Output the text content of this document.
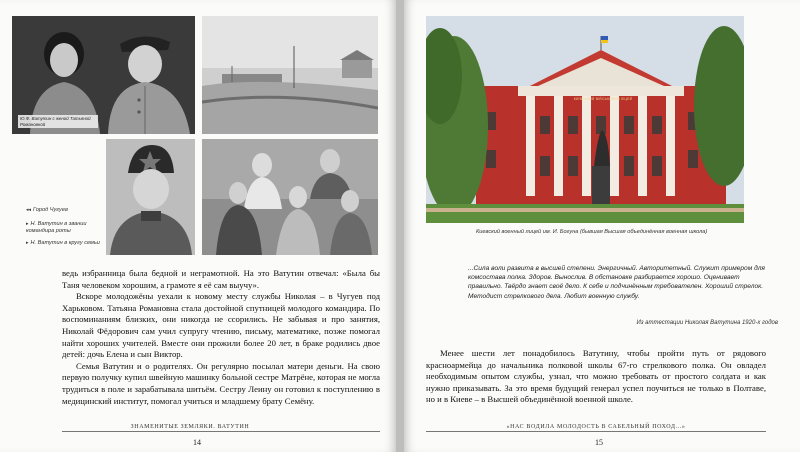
Ю.Ф. Ватутин с женой Татьяной Романовной
◂◂ Город Чугуев
▸ Н. Ватутин в звании командира роты
▸ Н. Ватутин в кругу семьи

ведь избранница была бедной и неграмотной. На это Ватутин отвечал: «Была бы Таня человеком хорошим, а грамоте я её сам выучу».

Вскоре молодожёны уехали к новому месту службы Николая – в Чугуев под Харьковом. Татьяна Романовна стала достойной спутницей молодого командира. По воспоминаниям близких, они никогда не ссорились. Не забывая и про занятия, Николай Фёдорович сам учил супругу чтению, письму, математике, позже помогал найти хороших учителей. Вместе они прожили более 20 лет, в браке родились двое детей: дочь Елена и сын Виктор.

Семья Ватутин и о родителях. Он регулярно посылал матери деньги. На свою первую получку купил швейную машинку больной сестре Матрёне, которая не могла трудиться в поле и зарабатывала шитьём. Сестру Леину он готовил к поступлению в медицинский институт, помогал учиться и младшему брату Семёну.

ЗНАМЕНИТЫЕ ЗЕМЛЯКИ. ВАТУТИН
14
КИЇВСЬКИЙ ВІЙСЬКОВИЙ ЛІЦЕЙ
Киевский военный лицей им. И. Богуна (бывшая Высшая объединённая военная школа)
...Сила воли развита в высшей степени. Энергичный. Авторитетный. Служит примером для комсостава полка. Здоров. Вынослив. В обстановке разбирается хорошо. Оценивает правильно. Твёрдо знает своё дело. К себе и подчинённым требователен. Хороший стрелок. Методист стрелкового дела. Любит военную службу.
Из аттестации Николая Ватутина 1920-х годов

Менее шести лет понадобилось Ватутину, чтобы пройти путь от рядового красноармейца до начальника полковой школы 67-го стрелкового полка. Он овладел необходимым опытом службы, узнал, что можно требовать от простого солдата и как нужно приказывать. За это время будущий генерал успел поучиться не только в Полтаве, но и в Киеве – в Высшей объединённой военной школе.

«НАС ВОДИЛА МОЛОДОСТЬ В САБЕЛЬНЫЙ ПОХОД...»
15
